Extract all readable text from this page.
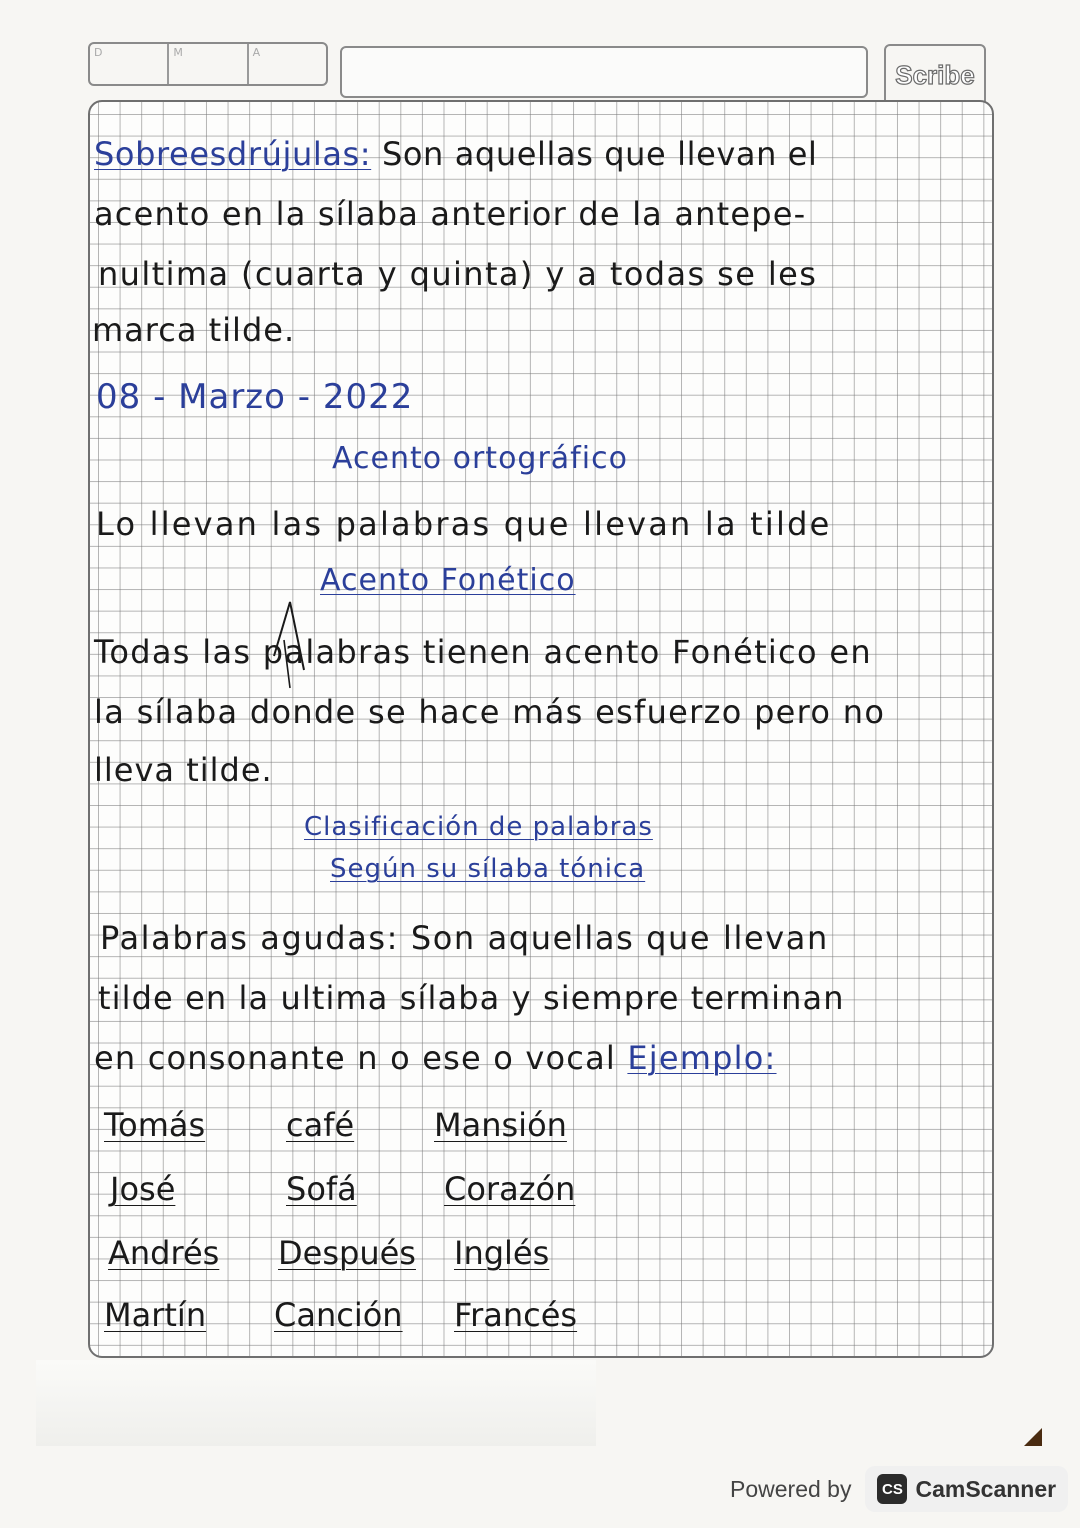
D	M	A
Scribe
Sobreesdrújulas: Son aquellas que llevan el
acento en la sílaba anterior de la antepe-
nultima (cuarta y quinta) y a todas se les
marca tilde.
08 - Marzo - 2022
Acento ortográfico
Lo llevan las palabras que llevan la tilde
Acento Fonético
Todas las palabras tienen acento Fonético en
la sílaba donde se hace más esfuerzo pero no
lleva tilde.
Clasificación de palabras
Según su sílaba tónica
Palabras agudas: Son aquellas que llevan
tilde en la ultima sílaba y siempre terminan
en consonante n o ese o vocal Ejemplo:
Tomás	café Mansión
José	Sofá	Corazón
Andrés Después Inglés
Martín Canción Francés
Powered by	CS CamScanner
